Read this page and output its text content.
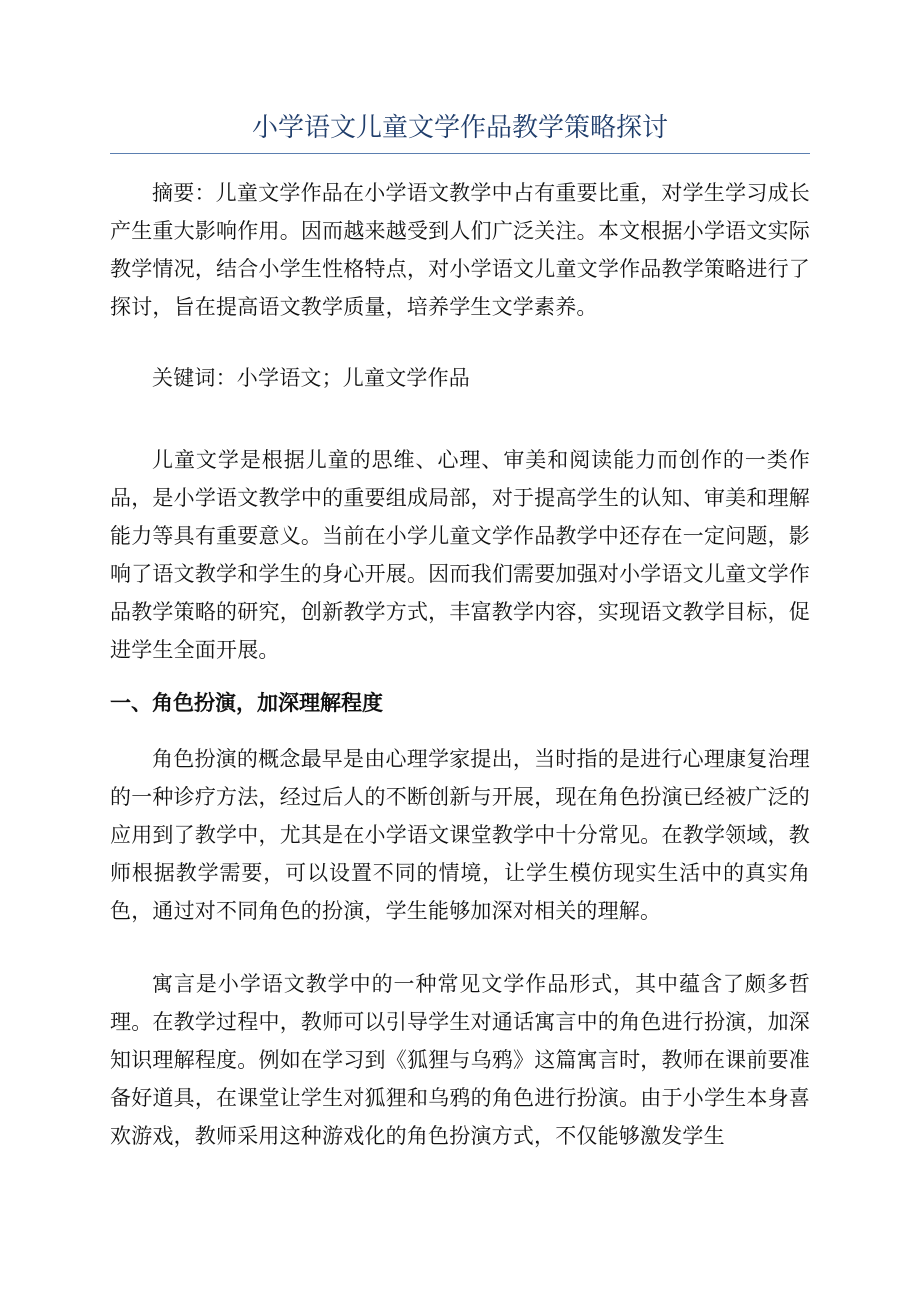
小学语文儿童文学作品教学策略探讨

摘要：儿童文学作品在小学语文教学中占有重要比重，对学生学习成长产生重大影响作用。因而越来越受到人们广泛关注。本文根据小学语文实际教学情况，结合小学生性格特点，对小学语文儿童文学作品教学策略进行了探讨，旨在提高语文教学质量，培养学生文学素养。

关键词：小学语文；儿童文学作品

儿童文学是根据儿童的思维、心理、审美和阅读能力而创作的一类作品，是小学语文教学中的重要组成局部，对于提高学生的认知、审美和理解能力等具有重要意义。当前在小学儿童文学作品教学中还存在一定问题，影响了语文教学和学生的身心开展。因而我们需要加强对小学语文儿童文学作品教学策略的研究，创新教学方式，丰富教学内容，实现语文教学目标，促进学生全面开展。

一、角色扮演，加深理解程度

角色扮演的概念最早是由心理学家提出，当时指的是进行心理康复治理的一种诊疗方法，经过后人的不断创新与开展，现在角色扮演已经被广泛的应用到了教学中，尤其是在小学语文课堂教学中十分常见。在教学领域，教师根据教学需要，可以设置不同的情境，让学生模仿现实生活中的真实角色，通过对不同角色的扮演，学生能够加深对相关的理解。

寓言是小学语文教学中的一种常见文学作品形式，其中蕴含了颇多哲理。在教学过程中，教师可以引导学生对通话寓言中的角色进行扮演，加深知识理解程度。例如在学习到《狐狸与乌鸦》这篇寓言时，教师在课前要准备好道具，在课堂让学生对狐狸和乌鸦的角色进行扮演。由于小学生本身喜欢游戏，教师采用这种游戏化的角色扮演方式，不仅能够激发学生
